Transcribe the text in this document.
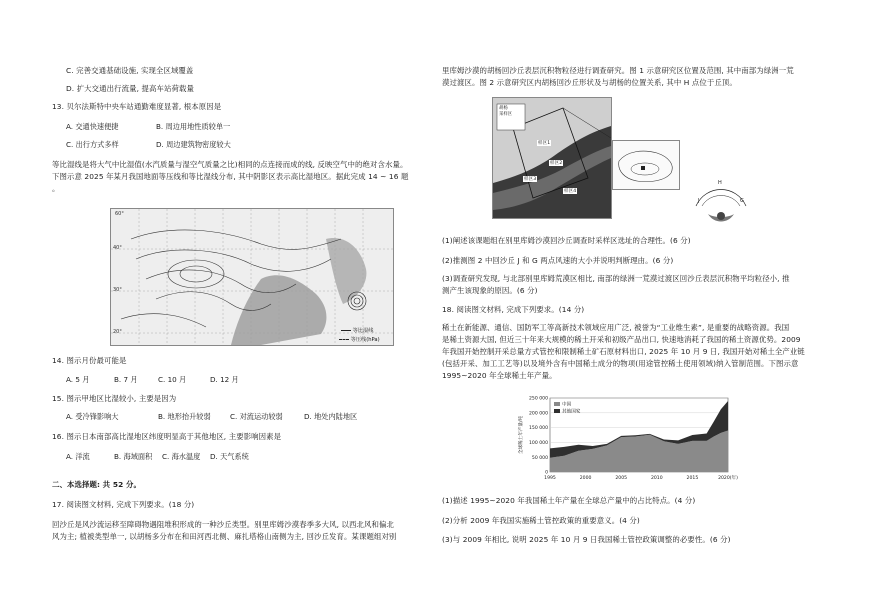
C. 完善交通基础设施, 实现全区域覆盖
D. 扩大交通出行流量, 提高车站荷载量
13. 贝尔法斯特中央车站通勤难度显著, 根本原因是
A. 交通快速便捷	B. 周边用地性质较单一
C. 出行方式多样	D. 周边建筑物密度较大
等比湿线是将大气中比湿值(水汽质量与湿空气质量之比)相同的点连接而成的线, 反映空气中的绝对含水量。
下图示意 2025 年某月我国地面等压线和等比湿线分布, 其中阴影区表示高比湿地区。据此完成 14 ~ 16 题
。
60°
40°
30°
20°	等比湿线
等压线(hPa)
14. 图示月份最可能是
A. 5 月	B. 7 月	C. 10 月	D. 12 月
15. 图示甲地区比湿较小, 主要是因为
A. 受冷锋影响大	B. 地形抬升较弱	C. 对流运动较弱	D. 地处内陆地区
16. 图示日本南部高比湿地区纬度明显高于其他地区, 主要影响因素是
A. 洋流	B. 海域面积 C. 海水温度 D. 天气系统
二、本选择题: 共 52 分。
17. 阅读图文材料, 完成下列要求。(18 分)
回沙丘是风沙流运移至障碍物遇阻堆积形成的一种沙丘类型。别里库姆沙漠春季多大风, 以西北风和偏北
风为主; 植被类型单一, 以胡杨多分布在和田河西北侧、麻扎塔格山南侧为主, 回沙丘发育。某课题组对别
里库姆沙漠的胡杨回沙丘表层沉积物粒径进行调查研究。图 1 示意研究区位置及范围, 其中南部为绿洲一荒
漠过渡区。图 2 示意研究区内胡杨回沙丘形状及与胡杨的位置关系, 其中 H 点位于丘顶。
胡杨
采样区
样区1
样区2
样区3
样区4
H
J	G
(1)阐述该课题组在别里库姆沙漠回沙丘调查时采样区选址的合理性。(6 分)
(2)推测图 2 中回沙丘 J 和 G 两点风速的大小并说明判断理由。(6 分)
(3)调查研究发现, 与北部别里库姆荒漠区相比, 南部的绿洲一荒漠过渡区回沙丘表层沉积物平均粒径小, 推
测产生该现象的原因。(6 分)
18. 阅读图文材料, 完成下列要求。(14 分)
稀土在新能源、通信、国防军工等高新技术领域应用广泛, 被誉为“工业维生素”, 是重要的战略资源。我国
是稀土资源大国, 但近三十年来大规模的稀土开采和初级产品出口, 快速地消耗了我国的稀土资源优势。2009
年我国开始控制开采总量方式管控和限制稀土矿石原材料出口, 2025 年 10 月 9 日, 我国开始对稀土全产业链
(包括开采、加工工艺等)以及境外含有中国稀土成分的物项(用途管控稀土使用领域)纳入管制范围。下图示意
1995~2020 年全球稀土年产量。
250 000
200 000
150 000
100 000
50 000
0
1995	2000	2005	2010	2015	2020(年)
中国
其他国家
全球稀土年产量/吨
(1)描述 1995~2020 年我国稀土年产量在全球总产量中的占比特点。(4 分)
(2)分析 2009 年我国实施稀土管控政策的重要意义。(4 分)
(3)与 2009 年相比, 说明 2025 年 10 月 9 日我国稀土管控政策调整的必要性。(6 分)
